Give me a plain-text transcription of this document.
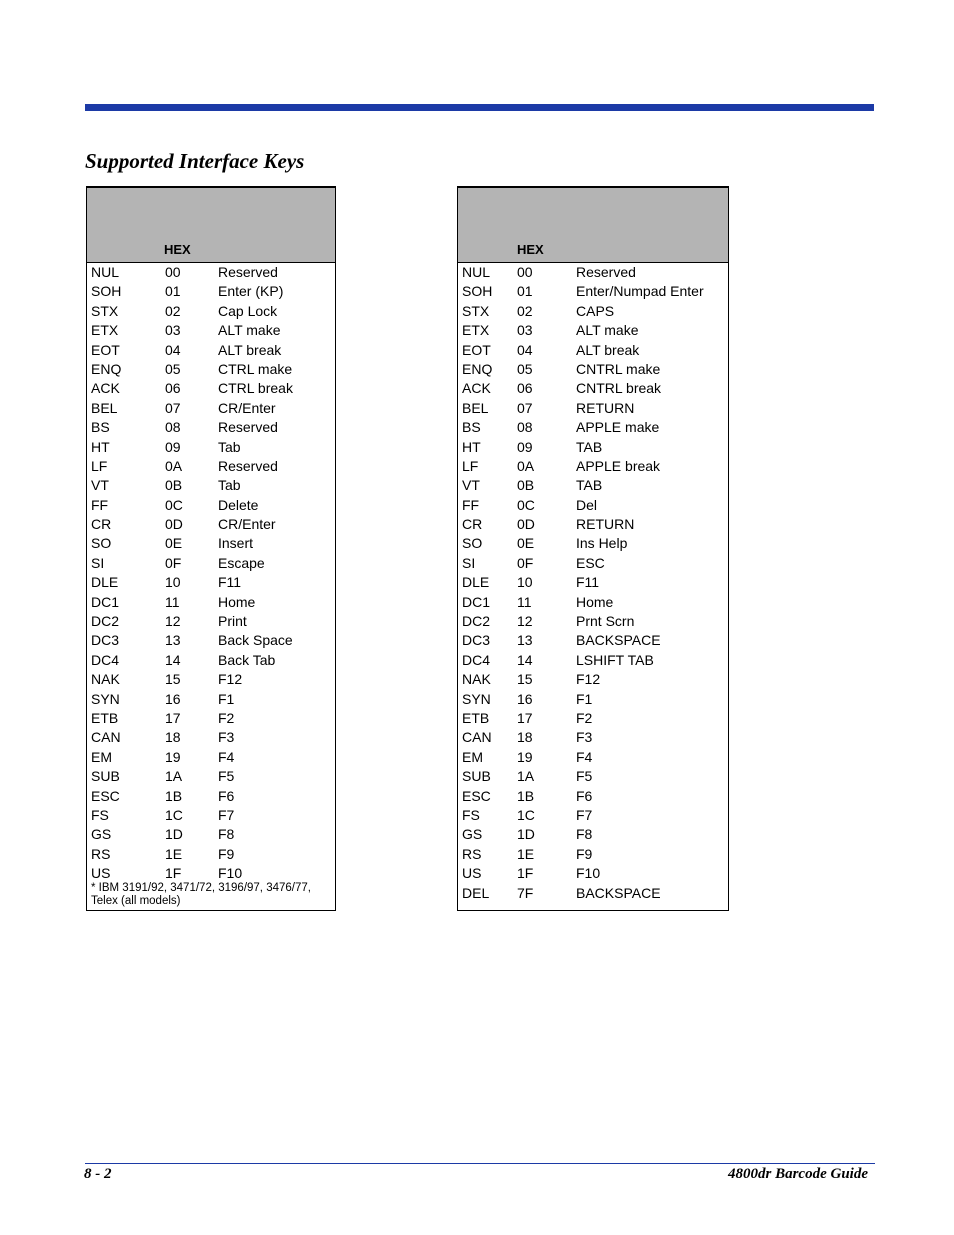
Supported Interface Keys
HEX
NUL	00	Reserved
SOH	01	Enter (KP)
STX	02	Cap Lock
ETX	03	ALT make
EOT	04	ALT break
ENQ	05	CTRL make
ACK	06	CTRL break
BEL	07	CR/Enter
BS	08	Reserved
HT	09	Tab
LF	0A	Reserved
VT	0B	Tab
FF	0C	Delete
CR	0D	CR/Enter
SO	0E	Insert
SI	0F	Escape
DLE	10	F11
DC1	11	Home
DC2	12	Print
DC3	13	Back Space
DC4	14	Back Tab
NAK	15	F12
SYN	16	F1
ETB	17	F2
CAN	18	F3
EM	19	F4
SUB	1A	F5
ESC	1B	F6
FS	1C	F7
GS	1D	F8
RS	1E	F9
US	1F	F10
* IBM 3191/92, 3471/72, 3196/97, 3476/77,
Telex (all models)
HEX
NUL 00	Reserved
SOH 01	Enter/Numpad Enter
STX 02	CAPS
ETX 03	ALT make
EOT 04	ALT break
ENQ 05	CNTRL make
ACK 06	CNTRL break
BEL 07	RETURN
BS	08	APPLE make
HT	09	TAB
LF	0A	APPLE break
VT	0B	TAB
FF	0C	Del
CR 0D	RETURN
SO 0E	Ins Help
SI	0F	ESC
DLE 10	F11
DC1 11	Home
DC2 12	Prnt Scrn
DC3 13	BACKSPACE
DC4 14	LSHIFT TAB
NAK 15	F12
SYN 16	F1
ETB 17	F2
CAN 18	F3
EM 19	F4
SUB 1A	F5
ESC 1B	F6
FS	1C	F7
GS 1D	F8
RS	1E	F9
US	1F	F10
DEL 7F	BACKSPACE
8 - 2	4800dr Barcode Guide
